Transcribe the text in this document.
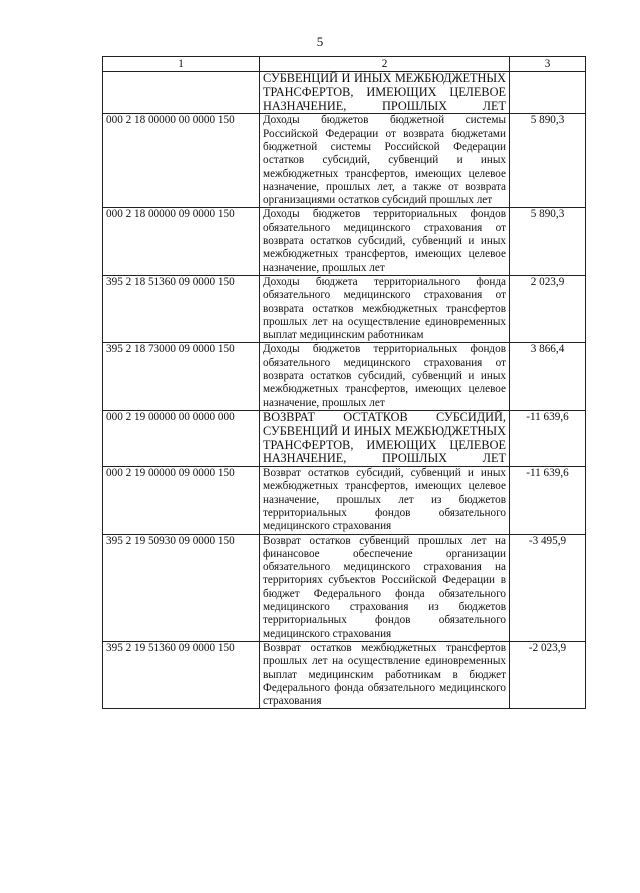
5
1	2	3
	СУБВЕНЦИЙ И ИНЫХ МЕЖБЮДЖЕТНЫХ ТРАНСФЕРТОВ, ИМЕЮЩИХ ЦЕЛЕВОЕ НАЗНАЧЕНИЕ, ПРОШЛЫХ ЛЕТ	
000 2 18 00000 00 0000 150	Доходы бюджетов бюджетной системы Российской Федерации от возврата бюджетами бюджетной системы Российской Федерации остатков субсидий, субвенций и иных межбюджетных трансфертов, имеющих целевое назначение, прошлых лет, а также от возврата организациями остатков субсидий прошлых лет	5 890,3
000 2 18 00000 09 0000 150	Доходы бюджетов территориальных фондов обязательного медицинского страхования от возврата остатков субсидий, субвенций и иных межбюджетных трансфертов, имеющих целевое назначение, прошлых лет	5 890,3
395 2 18 51360 09 0000 150	Доходы бюджета территориального фонда обязательного медицинского страхования от возврата остатков межбюджетных трансфертов прошлых лет на осуществление единовременных выплат медицинским работникам	2 023,9
395 2 18 73000 09 0000 150	Доходы бюджетов территориальных фондов обязательного медицинского страхования от возврата остатков субсидий, субвенций и иных межбюджетных трансфертов, имеющих целевое назначение, прошлых лет	3 866,4
000 2 19 00000 00 0000 000	ВОЗВРАТ ОСТАТКОВ СУБСИДИЙ, СУБВЕНЦИЙ И ИНЫХ МЕЖБЮДЖЕТНЫХ ТРАНСФЕРТОВ, ИМЕЮЩИХ ЦЕЛЕВОЕ НАЗНАЧЕНИЕ, ПРОШЛЫХ ЛЕТ	-11 639,6
000 2 19 00000 09 0000 150	Возврат остатков субсидий, субвенций и иных межбюджетных трансфертов, имеющих целевое назначение, прошлых лет из бюджетов территориальных фондов обязательного медицинского страхования	-11 639,6
395 2 19 50930 09 0000 150	Возврат остатков субвенций прошлых лет на финансовое обеспечение организации обязательного медицинского страхования на территориях субъектов Российской Федерации в бюджет Федерального фонда обязательного медицинского страхования из бюджетов территориальных фондов обязательного медицинского страхования	-3 495,9
395 2 19 51360 09 0000 150	Возврат остатков межбюджетных трансфертов прошлых лет на осуществление единовременных выплат медицинским работникам в бюджет Федерального фонда обязательного медицинского страхования	-2 023,9
